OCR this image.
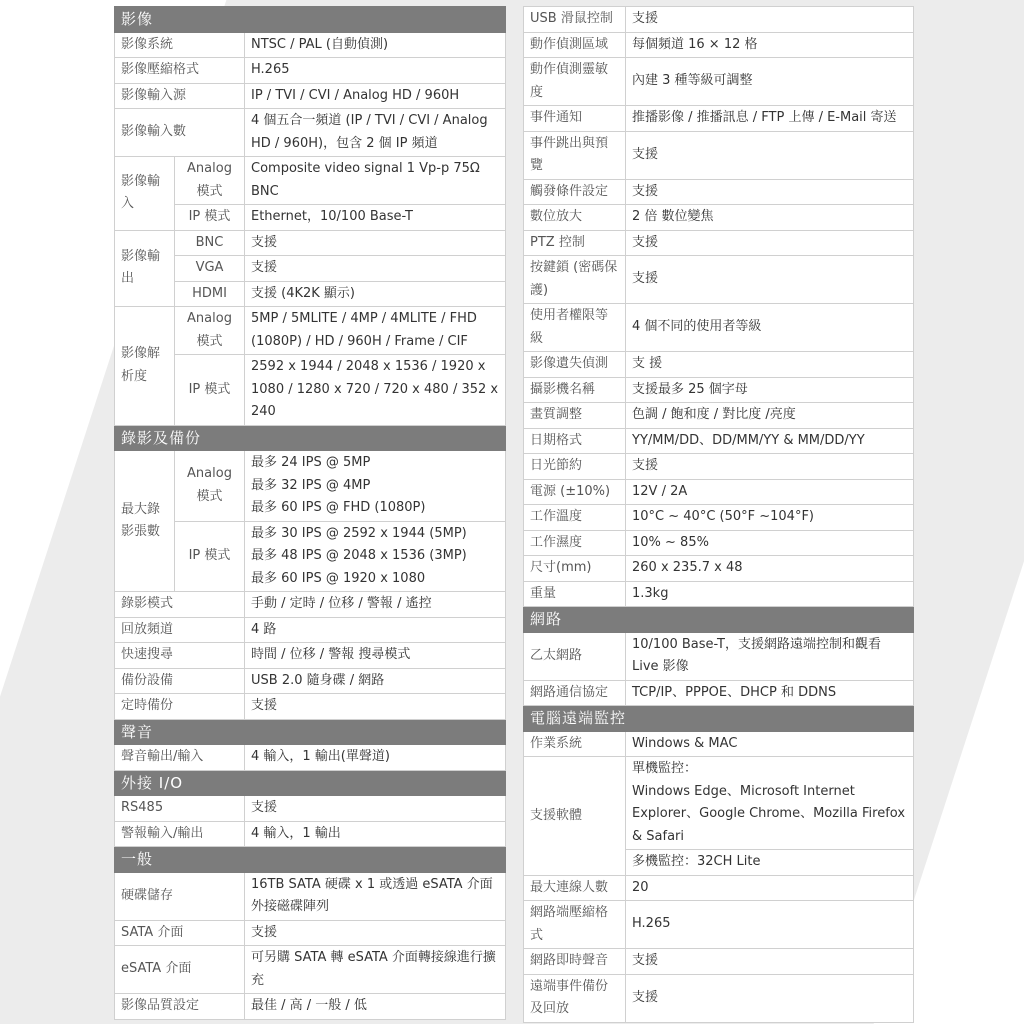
影像		
影像系統		NTSC / PAL (自動偵測)
影像壓縮格式		H.265
影像輸入源		IP / TVI / CVI / Analog HD / 960H
影像輸入數		4 個五合一頻道 (IP / TVI / CVI / Analog HD / 960H)，包含 2 個 IP 頻道
影像輸入	Analog 模式	Composite video signal 1 Vp-p 75Ω BNC
	IP 模式	Ethernet，10/100 Base-T
影像輸出	BNC	支援
	VGA	支援
	HDMI	支援 (4K2K 顯示)
影像解析度	Analog 模式	5MP / 5MLITE / 4MP / 4MLITE / FHD (1080P) / HD / 960H / Frame / CIF
	IP 模式	2592 x 1944 / 2048 x 1536 / 1920 x 1080 / 1280 x 720 / 720 x 480 / 352 x 240
錄影及備份		
最大錄影張數	Analog 模式	最多 24 IPS @ 5MP
最多 32 IPS @ 4MP
最多 60 IPS @ FHD (1080P)

	IP 模式	最多 30 IPS @ 2592 x 1944 (5MP)
最多 48 IPS @ 2048 x 1536 (3MP)
最多 60 IPS @ 1920 x 1080

錄影模式		手動 / 定時 / 位移 / 警報 / 遙控
回放頻道		4 路
快速搜尋		時間 / 位移 / 警報 搜尋模式
備份設備		USB 2.0 隨身碟 / 網路
定時備份		支援
聲音		
聲音輸出/輸入		4 輸入，1 輸出(單聲道)
外接 I/O		
RS485		支援
警報輸入/輸出		4 輸入，1 輸出
一般		
硬碟儲存		16TB SATA 硬碟 x 1 或透過 eSATA 介面外接磁碟陣列
SATA 介面		支援
eSATA 介面		可另購 SATA 轉 eSATA 介面轉接線進行擴充
影像品質設定		最佳 / 高 / 一般 / 低
USB 滑鼠控制	支援
動作偵測區域	每個頻道 16 × 12 格
動作偵測靈敏度	內建 3 種等級可調整
事件通知	推播影像 / 推播訊息 / FTP 上傳 / E-Mail 寄送
事件跳出與預覽	支援
觸發條件設定	支援
數位放大	2 倍 數位變焦
PTZ 控制	支援
按鍵鎖 (密碼保護)	支援
使用者權限等級	4 個不同的使用者等級
影像遺失偵測	支 援
攝影機名稱	支援最多 25 個字母
畫質調整	色調 / 飽和度 / 對比度 /亮度
日期格式	YY/MM/DD、DD/MM/YY & MM/DD/YY
日光節約	支援
電源 (±10%)	12V / 2A
工作溫度	10°C ~ 40°C (50°F ~104°F)
工作濕度	10% ~ 85%
尺寸(mm)	260 x 235.7 x 48
重量	1.3kg
網路	
乙太網路	10/100 Base-T，支援網路遠端控制和觀看 Live 影像
網路通信協定	TCP/IP、PPPOE、DHCP 和 DDNS
電腦遠端監控	
作業系統	Windows & MAC
支援軟體	單機監控：
Windows Edge、Microsoft Internet Explorer、Google Chrome、Mozilla Firefox & Safari

	多機監控：32CH Lite
最大連線人數	20
網路端壓縮格式	H.265
網路即時聲音	支援
遠端事件備份及回放	支援
